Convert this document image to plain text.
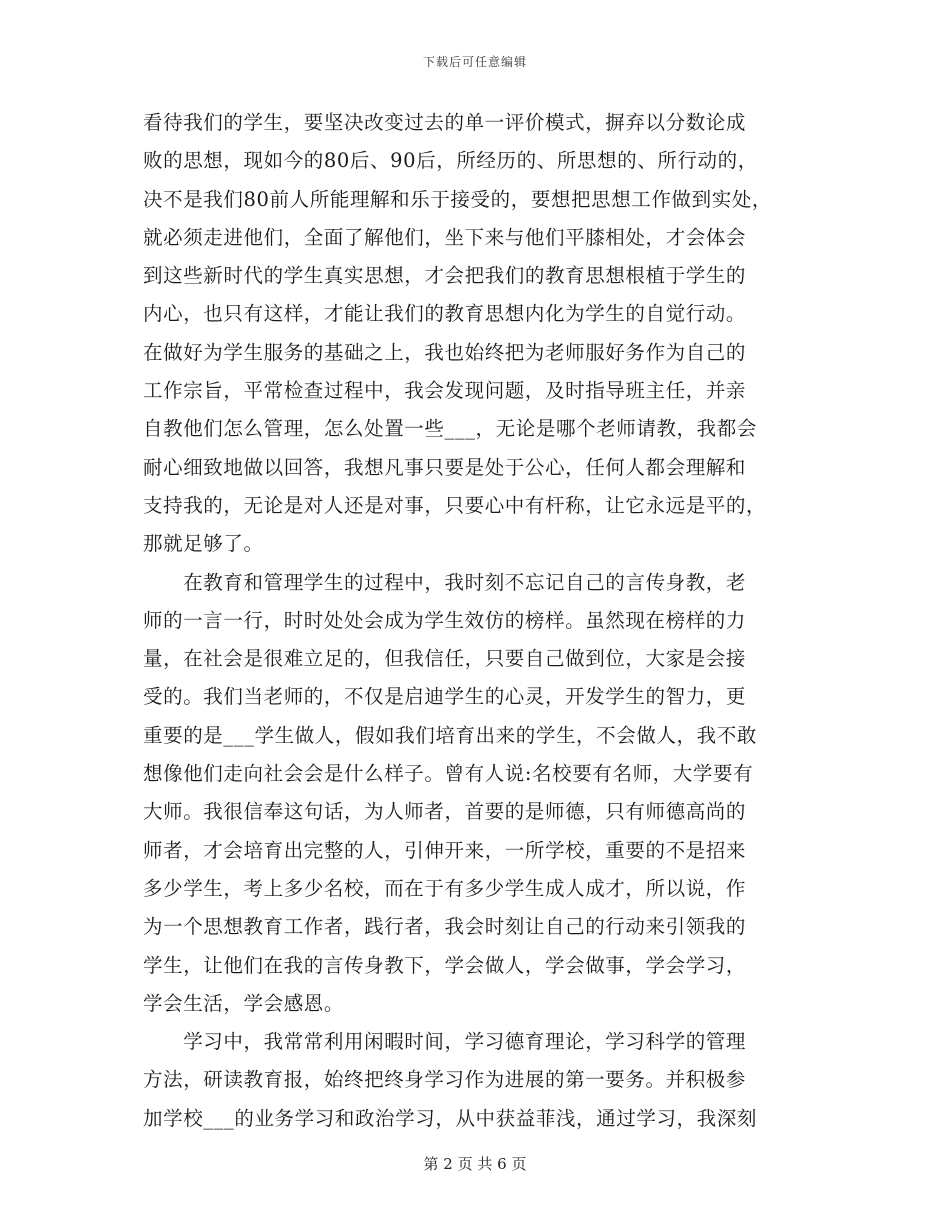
下载后可任意编辑
看待我们的学生，要坚决改变过去的单一评价模式，摒弃以分数论成
败的思想，现如今的80后、90后，所经历的、所思想的、所行动的，
决不是我们80前人所能理解和乐于接受的，要想把思想工作做到实处，
就必须走进他们，全面了解他们，坐下来与他们平膝相处，才会体会
到这些新时代的学生真实思想，才会把我们的教育思想根植于学生的
内心，也只有这样，才能让我们的教育思想内化为学生的自觉行动。
在做好为学生服务的基础之上，我也始终把为老师服好务作为自己的
工作宗旨，平常检查过程中，我会发现问题，及时指导班主任，并亲
自教他们怎么管理，怎么处置一些___，无论是哪个老师请教，我都会
耐心细致地做以回答，我想凡事只要是处于公心，任何人都会理解和
支持我的，无论是对人还是对事，只要心中有杆称，让它永远是平的，
那就足够了。
　　在教育和管理学生的过程中，我时刻不忘记自己的言传身教，老
师的一言一行，时时处处会成为学生效仿的榜样。虽然现在榜样的力
量，在社会是很难立足的，但我信任，只要自己做到位，大家是会接
受的。我们当老师的，不仅是启迪学生的心灵，开发学生的智力，更
重要的是___学生做人，假如我们培育出来的学生，不会做人，我不敢
想像他们走向社会会是什么样子。曾有人说:名校要有名师，大学要有
大师。我很信奉这句话，为人师者，首要的是师德，只有师德高尚的
师者，才会培育出完整的人，引伸开来，一所学校，重要的不是招来
多少学生，考上多少名校，而在于有多少学生成人成才，所以说，作
为一个思想教育工作者，践行者，我会时刻让自己的行动来引领我的
学生，让他们在我的言传身教下，学会做人，学会做事，学会学习，
学会生活，学会感恩。
　　学习中，我常常利用闲暇时间，学习德育理论，学习科学的管理
方法，研读教育报，始终把终身学习作为进展的第一要务。并积极参
加学校___的业务学习和政治学习，从中获益菲浅，通过学习，我深刻
第 2 页 共 6 页
